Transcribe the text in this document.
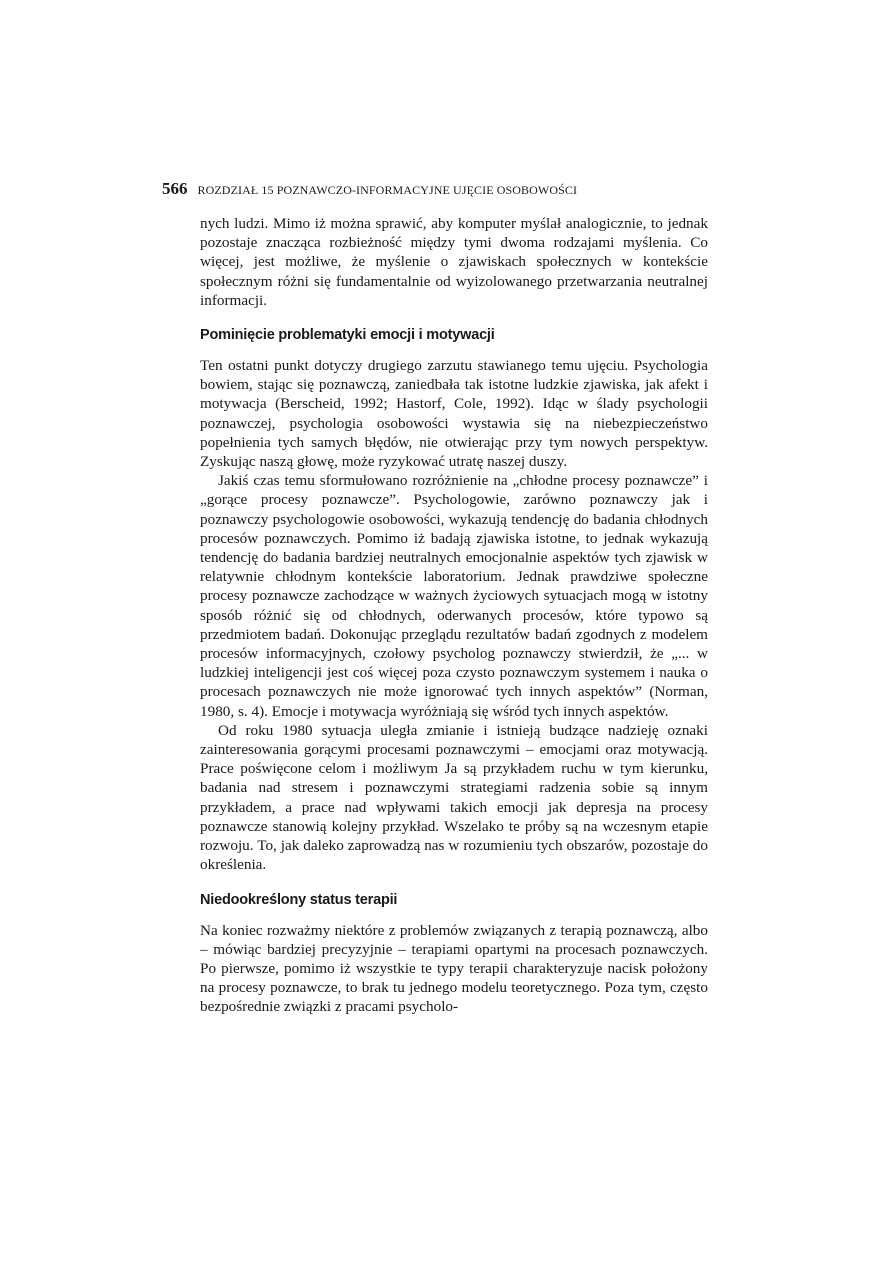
566 ROZDZIAŁ 15 POZNAWCZO-INFORMACYJNE UJĘCIE OSOBOWOŚCI

nych ludzi. Mimo iż można sprawić, aby komputer myślał analogicznie, to jednak pozostaje znacząca rozbieżność między tymi dwoma rodzajami myślenia. Co więcej, jest możliwe, że myślenie o zjawiskach społecznych w kontekście społecznym różni się fundamentalnie od wyizolowanego przetwarzania neutralnej informacji.

Pominięcie problematyki emocji i motywacji

Ten ostatni punkt dotyczy drugiego zarzutu stawianego temu ujęciu. Psychologia bowiem, stając się poznawczą, zaniedbała tak istotne ludzkie zjawiska, jak afekt i motywacja (Berscheid, 1992; Hastorf, Cole, 1992). Idąc w ślady psychologii poznawczej, psychologia osobowości wystawia się na niebezpieczeństwo popełnienia tych samych błędów, nie otwierając przy tym nowych perspektyw. Zyskując naszą głowę, może ryzykować utratę naszej duszy.

Jakiś czas temu sformułowano rozróżnienie na „chłodne procesy poznawcze” i „gorące procesy poznawcze”. Psychologowie, zarówno poznawczy jak i poznawczy psychologowie osobowości, wykazują tendencję do badania chłodnych procesów poznawczych. Pomimo iż badają zjawiska istotne, to jednak wykazują tendencję do badania bardziej neutralnych emocjonalnie aspektów tych zjawisk w relatywnie chłodnym kontekście laboratorium. Jednak prawdziwe społeczne procesy poznawcze zachodzące w ważnych życiowych sytuacjach mogą w istotny sposób różnić się od chłodnych, oderwanych procesów, które typowo są przedmiotem badań. Dokonując przeglądu rezultatów badań zgodnych z modelem procesów informacyjnych, czołowy psycholog poznawczy stwierdził, że „... w ludzkiej inteligencji jest coś więcej poza czysto poznawczym systemem i nauka o procesach poznawczych nie może ignorować tych innych aspektów” (Norman, 1980, s. 4). Emocje i motywacja wyróżniają się wśród tych innych aspektów.

Od roku 1980 sytuacja uległa zmianie i istnieją budzące nadzieję oznaki zainteresowania gorącymi procesami poznawczymi – emocjami oraz motywacją. Prace poświęcone celom i możliwym Ja są przykładem ruchu w tym kierunku, badania nad stresem i poznawczymi strategiami radzenia sobie są innym przykładem, a prace nad wpływami takich emocji jak depresja na procesy poznawcze stanowią kolejny przykład. Wszelako te próby są na wczesnym etapie rozwoju. To, jak daleko zaprowadzą nas w rozumieniu tych obszarów, pozostaje do określenia.

Niedookreślony status terapii

Na koniec rozważmy niektóre z problemów związanych z terapią poznawczą, albo – mówiąc bardziej precyzyjnie – terapiami opartymi na procesach poznawczych. Po pierwsze, pomimo iż wszystkie te typy terapii charakteryzuje nacisk położony na procesy poznawcze, to brak tu jednego modelu teoretycznego. Poza tym, często bezpośrednie związki z pracami psycholo-
